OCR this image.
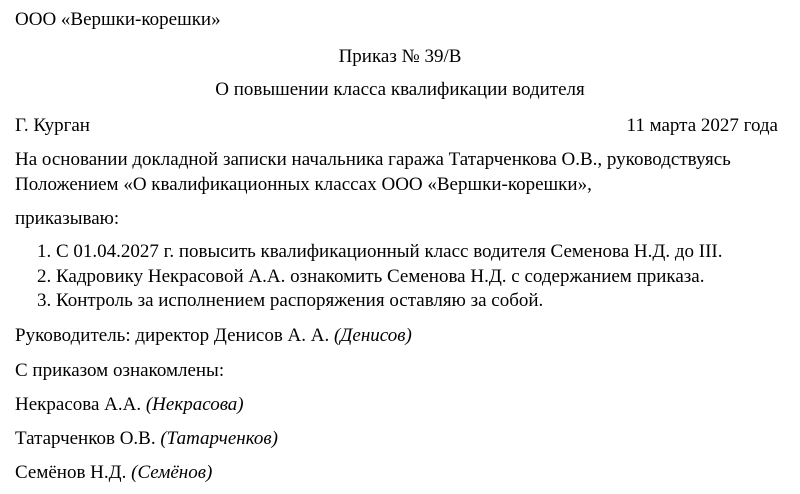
ООО «Вершки-корешки»
Приказ № 39/В
О повышении класса квалификации водителя
Г. Курган	11 марта 2027 года
На основании докладной записки начальника гаража Татарченкова О.В., руководствуясь
Положением «О квалификационных классах ООО «Вершки-корешки»,
приказываю:
1. С 01.04.2027 г. повысить квалификационный класс водителя Семенова Н.Д. до III.
2. Кадровику Некрасовой А.А. ознакомить Семенова Н.Д. с содержанием приказа.
3. Контроль за исполнением распоряжения оставляю за собой.
Руководитель: директор Денисов А. А. (Денисов)
С приказом ознакомлены:
Некрасова А.А. (Некрасова)
Татарченков О.В. (Татарченков)
Семёнов Н.Д. (Семёнов)
